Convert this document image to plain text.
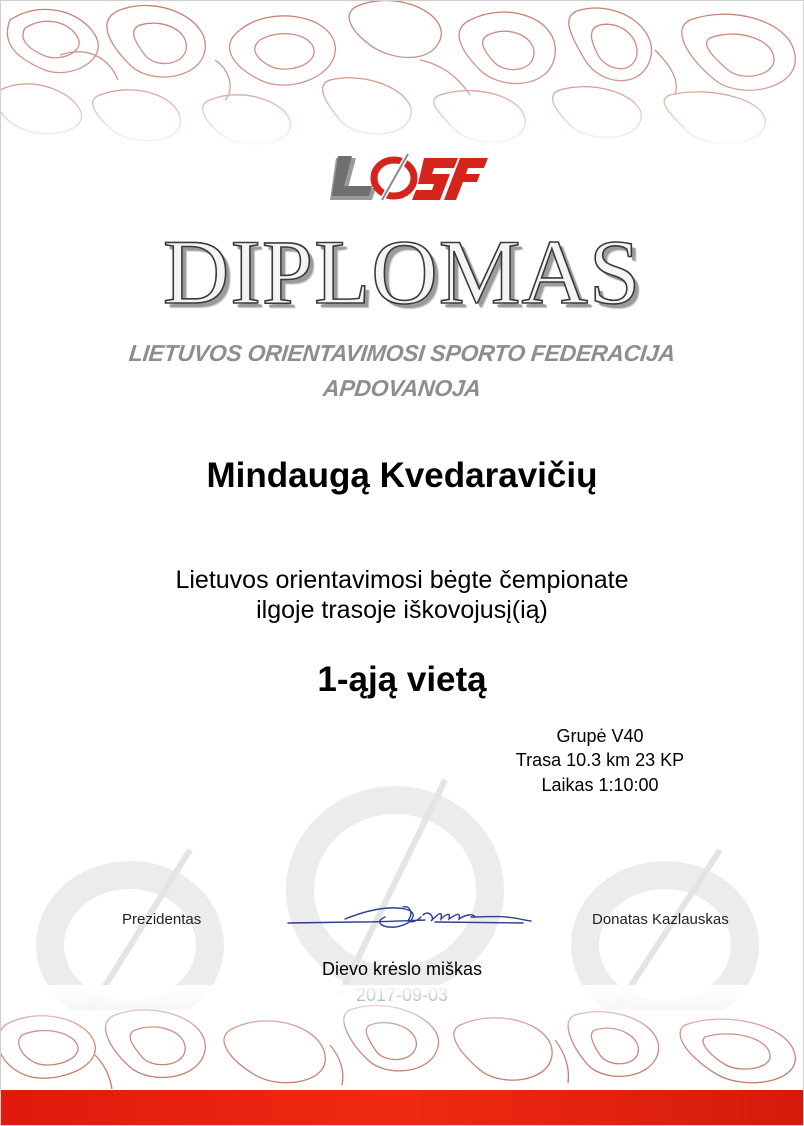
DIPLOMAS
LIETUVOS ORIENTAVIMOSI SPORTO FEDERACIJA
APDOVANOJA
Mindaugą Kvedaravičių
Lietuvos orientavimosi bėgte čempionate
ilgoje trasoje iškovojusį(ią)
1-ąją vietą
Grupė V40
Trasa 10.3 km 23 KP
Laikas 1:10:00
Prezidentas	Donatas Kazlauskas
Dievo krėslo miškas
